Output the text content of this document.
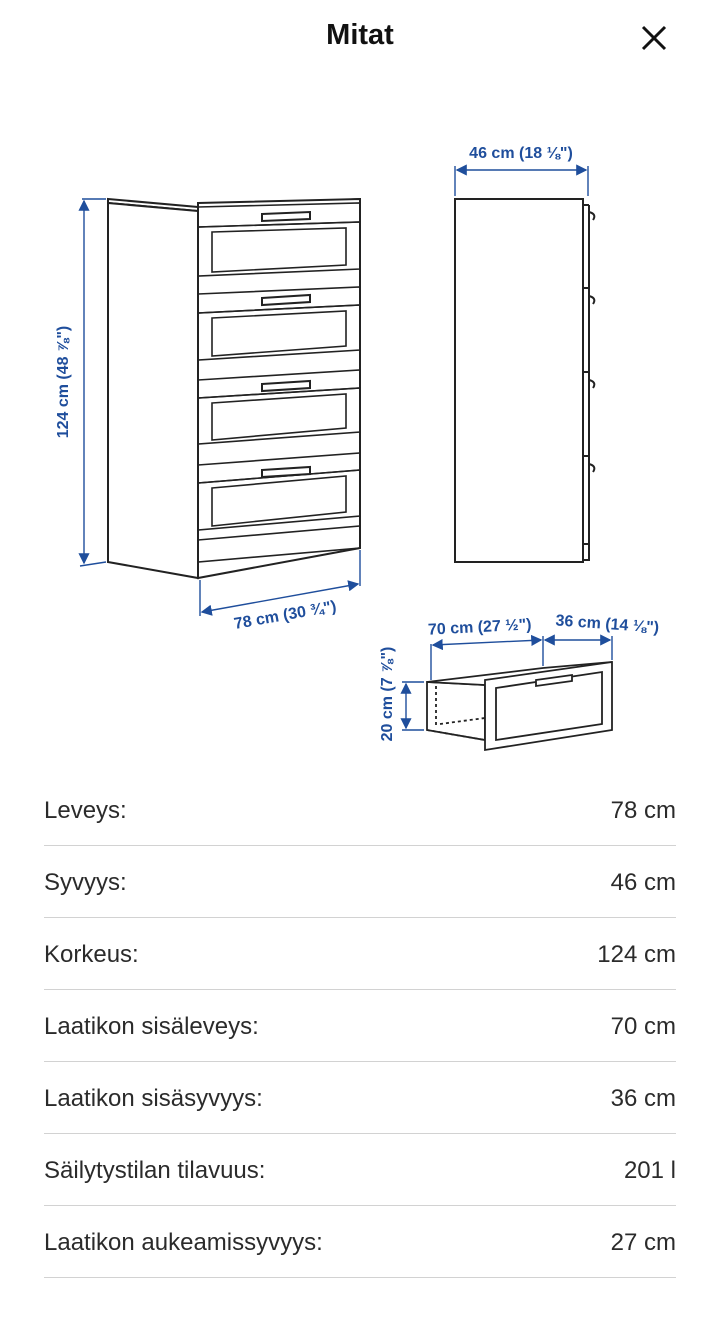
Mitat
46 cm (18 ⅛")
124 cm (48 ⅞")
78 cm (30 ¾")	70 cm (27 ½") 36 cm (14 ⅛")
20 cm (7 ⅞")
Leveys:	78 cm
Syvyys:	46 cm
Korkeus:	124 cm
Laatikon sisäleveys:	70 cm
Laatikon sisäsyvyys:	36 cm
Säilytystilan tilavuus:	201 l
Laatikon aukeamissyvyys:	27 cm
